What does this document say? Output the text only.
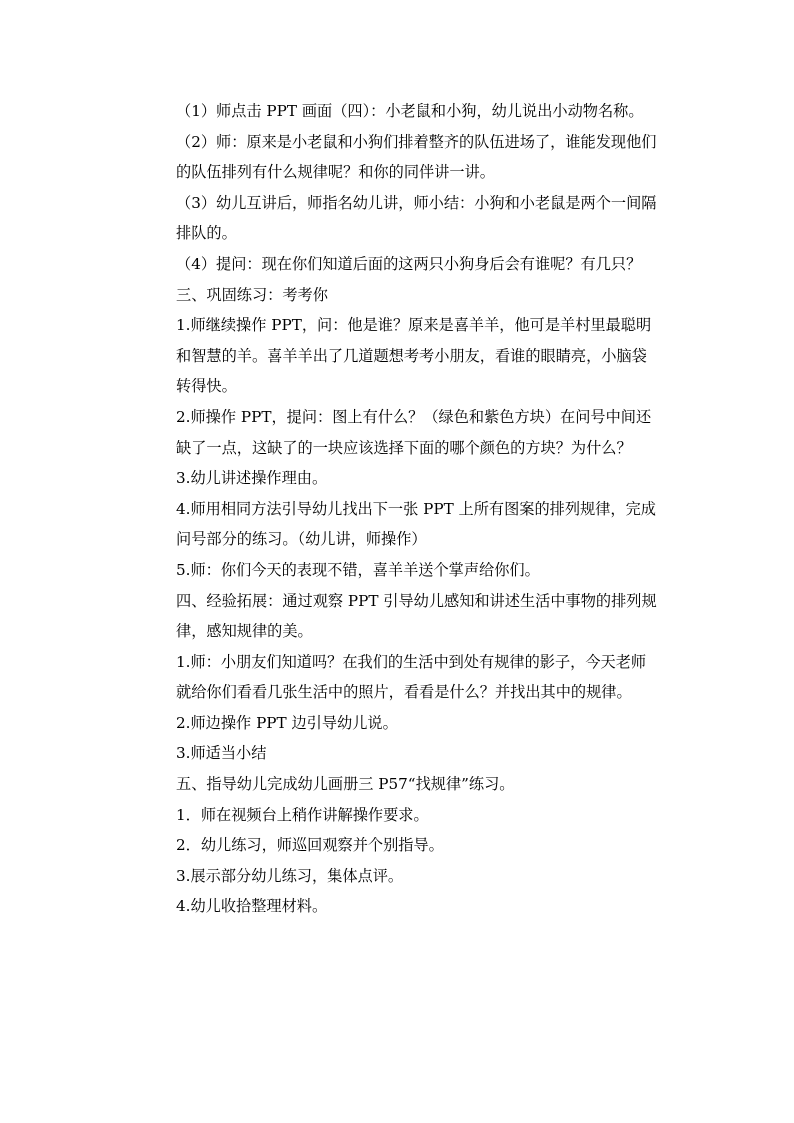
（1）师点击 PPT 画面（四）：小老鼠和小狗，幼儿说出小动物名称。
（2）师：原来是小老鼠和小狗们排着整齐的队伍进场了，谁能发现他们
的队伍排列有什么规律呢？和你的同伴讲一讲。
（3）幼儿互讲后，师指名幼儿讲，师小结：小狗和小老鼠是两个一间隔
排队的。
（4）提问：现在你们知道后面的这两只小狗身后会有谁呢？有几只？
三、巩固练习：考考你
1.师继续操作 PPT，问：他是谁？原来是喜羊羊，他可是羊村里最聪明
和智慧的羊。喜羊羊出了几道题想考考小朋友，看谁的眼睛亮，小脑袋
转得快。
2.师操作 PPT，提问：图上有什么？（绿色和紫色方块）在问号中间还
缺了一点，这缺了的一块应该选择下面的哪个颜色的方块？为什么？
3.幼儿讲述操作理由。
4.师用相同方法引导幼儿找出下一张 PPT 上所有图案的排列规律，完成
问号部分的练习。（幼儿讲，师操作）
5.师：你们今天的表现不错，喜羊羊送个掌声给你们。
四、经验拓展：通过观察 PPT 引导幼儿感知和讲述生活中事物的排列规
律，感知规律的美。
1.师：小朋友们知道吗？在我们的生活中到处有规律的影子，今天老师
就给你们看看几张生活中的照片，看看是什么？并找出其中的规律。
2.师边操作 PPT 边引导幼儿说。
3.师适当小结
五、指导幼儿完成幼儿画册三 P57“找规律”练习。
1．师在视频台上稍作讲解操作要求。
2．幼儿练习，师巡回观察并个别指导。
3.展示部分幼儿练习，集体点评。
4.幼儿收拾整理材料。
